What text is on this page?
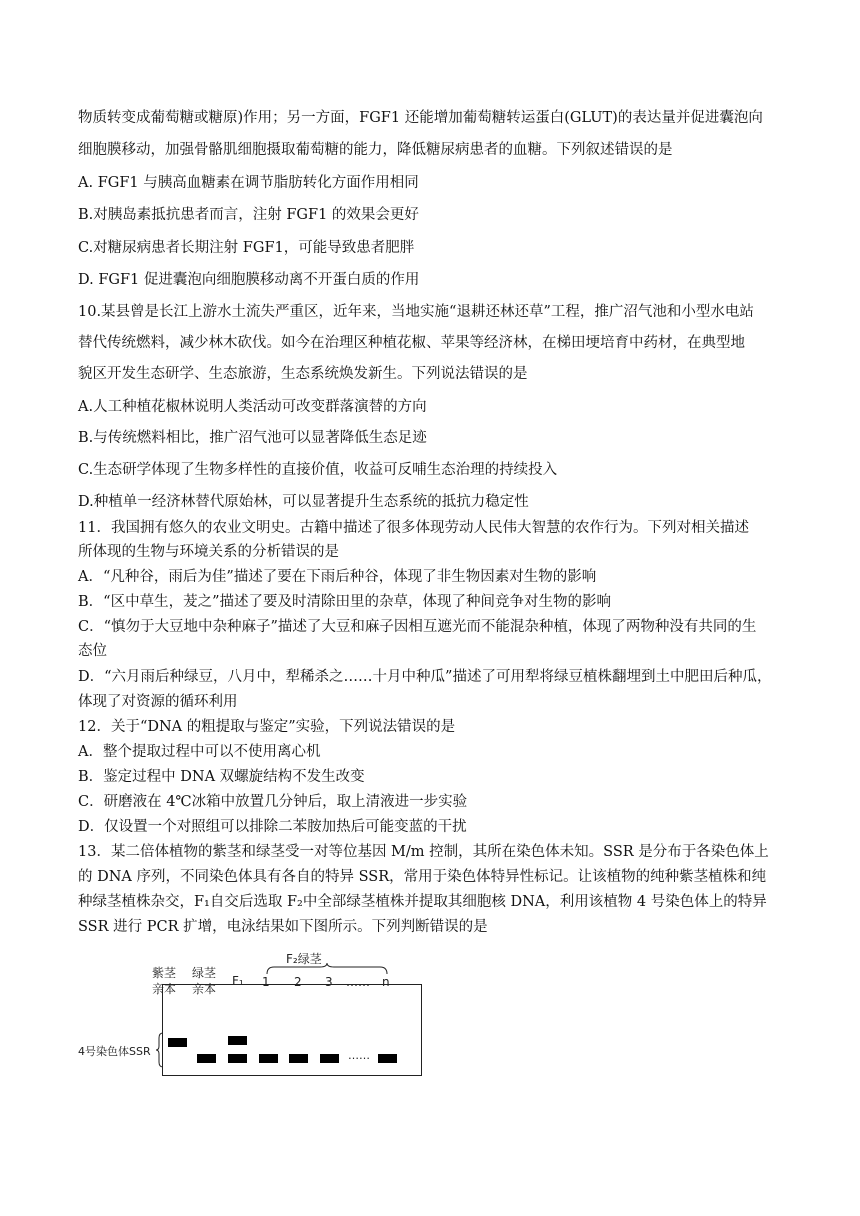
物质转变成葡萄糖或糖原)作用；另一方面，FGF1 还能增加葡萄糖转运蛋白(GLUT)的表达量并促进囊泡向
细胞膜移动，加强骨骼肌细胞摄取葡萄糖的能力，降低糖尿病患者的血糖。下列叙述错误的是
A. FGF1 与胰高血糖素在调节脂肪转化方面作用相同
B.对胰岛素抵抗患者而言，注射 FGF1 的效果会更好
C.对糖尿病患者长期注射 FGF1，可能导致患者肥胖
D. FGF1 促进囊泡向细胞膜移动离不开蛋白质的作用
10.某县曾是长江上游水土流失严重区，近年来，当地实施“退耕还林还草”工程，推广沼气池和小型水电站
替代传统燃料，减少林木砍伐。如今在治理区种植花椒、苹果等经济林，在梯田埂培育中药材，在典型地
貌区开发生态研学、生态旅游，生态系统焕发新生。下列说法错误的是
A.人工种植花椒林说明人类活动可改变群落演替的方向
B.与传统燃料相比，推广沼气池可以显著降低生态足迹
C.生态研学体现了生物多样性的直接价值，收益可反哺生态治理的持续投入
D.种植单一经济林替代原始林，可以显著提升生态系统的抵抗力稳定性
11．我国拥有悠久的农业文明史。古籍中描述了很多体现劳动人民伟大智慧的农作行为。下列对相关描述
所体现的生物与环境关系的分析错误的是
A．“凡种谷，雨后为佳”描述了要在下雨后种谷，体现了非生物因素对生物的影响
B．“区中草生，茇之”描述了要及时清除田里的杂草，体现了种间竞争对生物的影响
C．“慎勿于大豆地中杂种麻子”描述了大豆和麻子因相互遮光而不能混杂种植，体现了两物种没有共同的生
态位
D．“六月雨后种绿豆，八月中，犁稀杀之……十月中种瓜”描述了可用犁将绿豆植株翻埋到土中肥田后种瓜，
体现了对资源的循环利用
12．关于“DNA 的粗提取与鉴定”实验，下列说法错误的是
A．整个提取过程中可以不使用离心机
B．鉴定过程中 DNA 双螺旋结构不发生改变
C．研磨液在 4℃冰箱中放置几分钟后，取上清液进一步实验
D．仅设置一个对照组可以排除二苯胺加热后可能变蓝的干扰
13．某二倍体植物的紫茎和绿茎受一对等位基因 M/m 控制，其所在染色体未知。SSR 是分布于各染色体上
的 DNA 序列，不同染色体具有各自的特异 SSR，常用于染色体特异性标记。让该植物的纯种紫茎植株和纯
种绿茎植株杂交，F₁自交后选取 F₂中全部绿茎植株并提取其细胞核 DNA，利用该植物 4 号染色体上的特异
SSR 进行 PCR 扩增，电泳结果如下图所示。下列判断错误的是
紫茎
亲本
绿茎
亲本
F₁
F₂绿茎
1 2 3 …… n
4号染色体SSR	……
